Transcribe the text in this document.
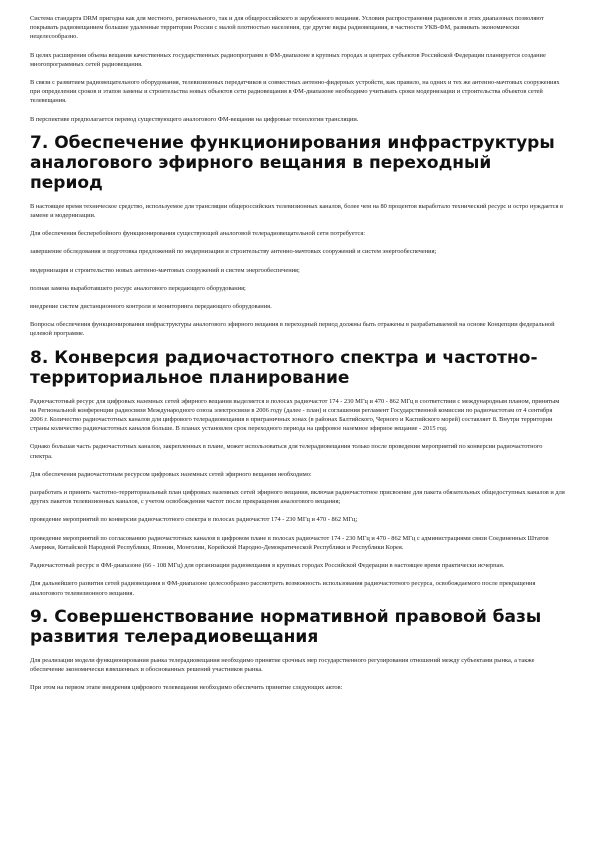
Система стандарта DRM пригодна как для местного, регионального, так и для общероссийского и зарубежного вещания. Условия распространения радиоволн в этих диапазонах позволяют покрывать радиовещанием большие удаленные территории России с малой плотностью населения, где другие виды радиовещания, в частности УКВ-ФМ, развивать экономически нецелесообразно.

В целях расширения объема вещания качественных государственных радиопрограмм в ФМ-диапазоне в крупных городах и центрах субъектов Российской Федерации планируется создание многопрограммных сетей радиовещания.

В связи с развитием радиовещательного оборудования, телевизионных передатчиков и совместных антенно-фидерных устройств, как правило, на одних и тех же антенно-мачтовых сооружениях при определении сроков и этапов замены и строительства новых объектов сети радиовещания в ФМ-диапазоне необходимо учитывать сроки модернизации и строительства объектов сетей телевещания.

В перспективе предполагается перевод существующего аналогового ФМ-вещания на цифровые технологии трансляции.

7. Обеспечение функционирования инфраструктуры аналогового эфирного вещания в переходный период

В настоящее время техническое средство, используемое для трансляции общероссийских телевизионных каналов, более чем на 80 процентов выработало технический ресурс и остро нуждается в замене и модернизации.

Для обеспечения бесперебойного функционирования существующей аналоговой телерадиовещательной сети потребуется:

завершение обследования и подготовка предложений по модернизации и строительству антенно-мачтовых сооружений и систем энергообеспечения;

модернизация и строительство новых антенно-мачтовых сооружений и систем энергообеспечения;

полная замена выработавшего ресурс аналогового передающего оборудования;

внедрение систем дистанционного контроля и мониторинга передающего оборудования.

Вопросы обеспечения функционирования инфраструктуры аналогового эфирного вещания в переходный период должны быть отражены в разрабатываемой на основе Концепции федеральной целевой программе.

8. Конверсия радиочастотного спектра и частотно-территориальное планирование

Радиочастотный ресурс для цифровых наземных сетей эфирного вещания выделяется в полосах радиочастот 174 - 230 МГц и 470 - 862 МГц в соответствии с международным планом, принятым на Региональной конференции радиосвязи Международного союза электросвязи в 2006 году (далее - план) и соглашения регламент Государственной комиссии по радиочастотам от 4 сентября 2006 г. Количество радиочастотных каналов для цифрового телерадиовещания в приграничных зонах (в районах Балтийского, Черного и Каспийского морей) составляет 8. Внутри территории страны количество радиочастотных каналов больше. В планах установлен срок переходного периода на цифровое наземное эфирное вещание - 2015 год.

Однако большая часть радиочастотных каналов, закрепленных в плане, может использоваться для телерадиовещания только после проведения мероприятий по конверсии радиочастотного спектра.

Для обеспечения радиочастотным ресурсом цифровых наземных сетей эфирного вещания необходимо:

разработать и принять частотно-территориальный план цифровых наземных сетей эфирного вещания, включая радиочастотное присвоение для пакета обязательных общедоступных каналов и для других пакетов телевизионных каналов, с учетом освобождения частот после прекращения аналогового вещания;

проведение мероприятий по конверсии радиочастотного спектра в полосах радиочастот 174 - 230 МГц и 470 - 862 МГц;

проведение мероприятий по согласованию радиочастотных каналов в цифровом плане в полосах радиочастот 174 - 230 МГц и 470 - 862 МГц с администрациями связи Соединенных Штатов Америки, Китайской Народной Республики, Японии, Монголии, Корейской Народно-Демократической Республики и Республики Корея.

Радиочастотный ресурс в ФМ-диапазоне (66 - 108 МГц) для организации радиовещания в крупных городах Российской Федерации в настоящее время практически исчерпан.

Для дальнейшего развития сетей радиовещания в ФМ-диапазоне целесообразно рассмотреть возможность использования радиочастотного ресурса, освобождаемого после прекращения аналогового телевизионного вещания.

9. Совершенствование нормативной правовой базы развития телерадиовещания

Для реализации модели функционирования рынка телерадиовещания необходимо принятие срочных мер государственного регулирования отношений между субъектами рынка, а также обеспечение экономически взвешенных и обоснованных решений участников рынка.

При этом на первом этапе внедрения цифрового телевещания необходимо обеспечить принятие следующих актов:
